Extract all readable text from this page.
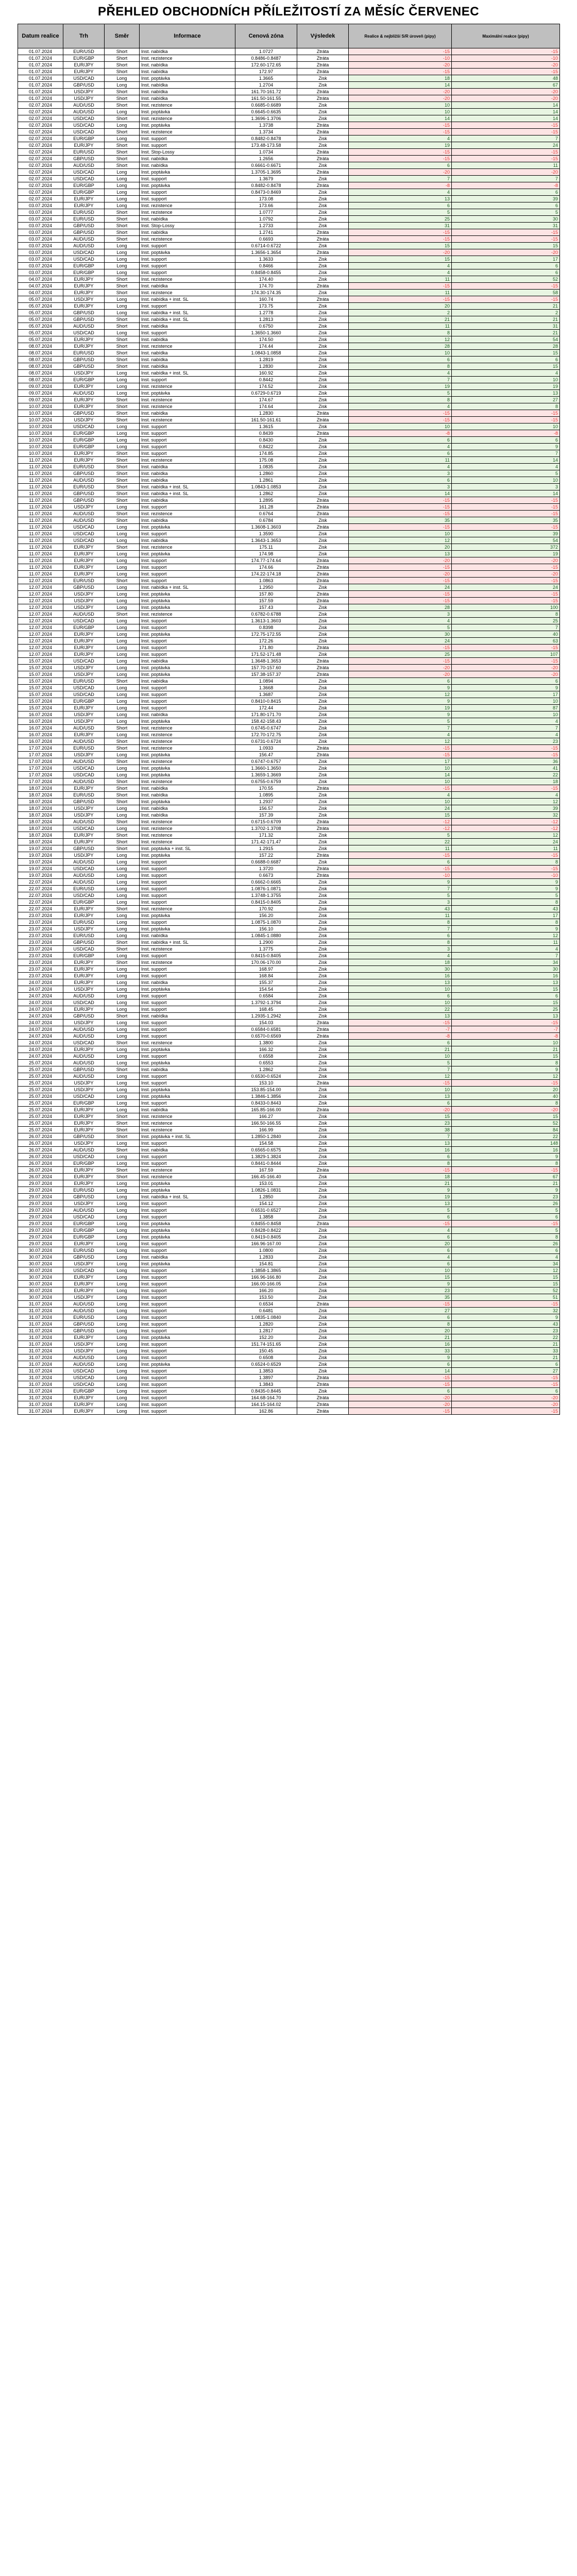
PŘEHLED OBCHODNÍCH PŘÍLEŽITOSTÍ ZA MĚSÍC ČERVENEC
Datum realice	Trh	Směr	Informace	Cenová zóna	Výsledek	Realice & nejbližší S/R úroveň (pipy)	Maximální reakce (pipy)
01.07.2024	EUR/USD	Short	Inst. nabídka	1.0727	Ztráta	-15	-15
01.07.2024	EUR/GBP	Short	Inst. rezistence	0.8486-0.8487	Ztráta	-10	-10
01.07.2024	EUR/JPY	Short	Inst. nabídka	172.60-172.65	Ztráta	-20	-20
01.07.2024	EUR/JPY	Short	Inst. nabídka	172.97	Ztráta	-15	-15
01.07.2024	USD/CAD	Long	Inst. poptávka	1.3665	Zisk	18	48
01.07.2024	GBP/USD	Long	Inst. nabídka	1.2704	Zisk	14	67
01.07.2024	USD/JPY	Short	Inst. nabídka	161.70-161.72	Ztráta	-20	-20
01.07.2024	USD/JPY	Short	Inst. nabídka	161.50-161.55	Ztráta	-20	-20
02.07.2024	AUD/USD	Short	Inst. rezistence	0.6685-0.6689	Zisk	10	14
02.07.2024	AUD/USD	Long	Inst. poptávka	0.6645-0.6635	Zisk	10	14
02.07.2024	USD/CAD	Short	Inst. rezistence	1.3696-1.3706	Zisk	14	14
02.07.2024	USD/CAD	Long	Inst. poptávka	1.3738	Ztráta	-15	-15
02.07.2024	USD/CAD	Short	Inst. rezistence	1.3734	Ztráta	-15	-15
02.07.2024	EUR/GBP	Long	Inst. support	0.8482-0.8478	Zisk	4	7
02.07.2024	EUR/JPY	Short	Inst. support	173.48-173.58	Zisk	19	24
02.07.2024	EUR/USD	Short	Inst. Stop-Lossy	1.0734	Ztráta	-15	-15
02.07.2024	GBP/USD	Short	Inst. nabídka	1.2656	Ztráta	-15	-15
02.07.2024	AUD/USD	Short	Inst. nabídka	0.6661-0.6671	Zisk	6	11
02.07.2024	USD/CAD	Long	Inst. poptávka	1.3705-1.3695	Ztráta	-20	-20
02.07.2024	USD/CAD	Long	Inst. support	1.3679	Zisk	7	7
02.07.2024	EUR/GBP	Long	Inst. poptávka	0.8482-0.8478	Ztráta	-8	-8
02.07.2024	EUR/GBP	Long	Inst. support	0.8473-0.8469	Zisk	4	6
02.07.2024	EUR/JPY	Long	Inst. support	173.08	Zisk	13	39
03.07.2024	EUR/JPY	Long	Inst. rezistence	173.66	Zisk	6	6
03.07.2024	EUR/USD	Short	Inst. rezistence	1.0777	Zisk	5	5
03.07.2024	EUR/USD	Short	Inst. nabídka	1.0792	Zisk	25	30
03.07.2024	GBP/USD	Short	Inst. Stop-Lossy	1.2733	Zisk	31	31
03.07.2024	GBP/USD	Short	Inst. nabídka	1.2741	Ztráta	-15	-15
03.07.2024	AUD/USD	Short	Inst. rezistence	0.6693	Ztráta	-15	-15
03.07.2024	AUD/USD	Long	Inst. support	0.6714-0.6722	Zisk	15	15
03.07.2024	USD/CAD	Long	Inst. poptávka	1.3656-1.3654	Ztráta	-20	-20
03.07.2024	USD/CAD	Long	Inst. support	1.3633	Zisk	15	17
03.07.2024	EUR/GBP	Long	Inst. support	0.8466	Zisk	4	6
03.07.2024	EUR/GBP	Long	Inst. support	0.8458-0.8455	Zisk	4	6
04.07.2024	EUR/JPY	Short	Inst. rezistence	174.40	Zisk	11	52
04.07.2024	EUR/JPY	Short	Inst. nabídka	174.70	Ztráta	-15	-15
04.07.2024	EUR/JPY	Short	Inst. rezistence	174.30-174.35	Zisk	11	58
05.07.2024	USD/JPY	Long	Inst. nabídka + inst. SL	160.74	Ztráta	-15	-15
05.07.2024	EUR/JPY	Long	Inst. support	173.75	Zisk	20	21
05.07.2024	GBP/USD	Long	Inst. nabídka + inst. SL	1.2778	Zisk	2	2
05.07.2024	GBP/USD	Short	Inst. nabídka + inst. SL	1.2813	Zisk	21	21
05.07.2024	AUD/USD	Short	Inst. nabídka	0.6750	Zisk	11	31
05.07.2024	USD/CAD	Long	Inst. support	1.3650-1.3660	Zisk	8	21
05.07.2024	EUR/JPY	Short	Inst. nabídka	174.50	Zisk	12	54
08.07.2024	EUR/JPY	Short	Inst. rezistence	174.44	Zisk	28	28
08.07.2024	EUR/USD	Short	Inst. nabídka	1.0843-1.0858	Zisk	10	15
08.07.2024	GBP/USD	Short	Inst. nabídka	1.2819	Zisk	6	6
08.07.2024	GBP/USD	Short	Inst. nabídka	1.2830	Zisk	8	15
08.07.2024	USD/JPY	Long	Inst. nabídka + inst. SL	160.92	Zisk	4	4
08.07.2024	EUR/GBP	Long	Inst. support	0.8442	Zisk	7	10
09.07.2024	EUR/JPY	Long	Inst. rezistence	174.52	Zisk	19	19
09.07.2024	AUD/USD	Long	Inst. poptávka	0.6729-0.6719	Zisk	5	13
09.07.2024	EUR/JPY	Short	Inst. rezistence	174.67	Zisk	8	27
10.07.2024	EUR/JPY	Short	Inst. rezistence	174.64	Zisk	4	8
10.07.2024	GBP/USD	Short	Inst. nabídka	1.2830	Ztráta	-15	-15
10.07.2024	USD/JPY	Short	Inst. rezistence	161.50-161.61	Ztráta	-15	-15
10.07.2024	USD/CAD	Long	Inst. support	1.3615	Zisk	10	10
10.07.2024	EUR/GBP	Long	Inst. support	0.8439	Ztráta	-8	-8
10.07.2024	EUR/GBP	Long	Inst. support	0.8430	Zisk	6	6
10.07.2024	EUR/GBP	Long	Inst. support	0.8422	Zisk	4	9
10.07.2024	EUR/JPY	Short	Inst. support	174.85	Zisk	6	7
11.07.2024	EUR/JPY	Short	Inst. rezistence	175.08	Zisk	11	14
11.07.2024	EUR/USD	Short	Inst. nabídka	1.0835	Zisk	4	4
11.07.2024	GBP/USD	Short	Inst. nabídka	1.2860	Zisk	3	5
11.07.2024	AUD/USD	Short	Inst. nabídka	1.2861	Zisk	6	10
11.07.2024	EUR/USD	Short	Inst. nabídka + inst. SL	1.0843-1.0853	Zisk	3	3
11.07.2024	GBP/USD	Short	Inst. nabídka + inst. SL	1.2862	Zisk	14	14
11.07.2024	GBP/USD	Short	Inst. nabídka	1.2895	Ztráta	-15	-15
11.07.2024	USD/JPY	Long	Inst. support	161.28	Ztráta	-15	-15
11.07.2024	AUD/USD	Short	Inst. rezistence	0.6764	Ztráta	-15	-15
11.07.2024	AUD/USD	Short	Inst. nabídka	0.6784	Zisk	35	35
11.07.2024	USD/CAD	Long	Inst. poptávka	1.3608-1.3603	Ztráta	-15	-15
11.07.2024	USD/CAD	Long	Inst. support	1.3590	Zisk	10	39
11.07.2024	USD/CAD	Long	Inst. nabídka	1.3643-1.3653	Zisk	12	54
11.07.2024	EUR/JPY	Short	Inst. rezistence	175.11	Zisk	20	372
11.07.2024	EUR/JPY	Long	Inst. poptávka	174.98	Zisk	13	19
11.07.2024	EUR/JPY	Long	Inst. support	174.77-174.64	Ztráta	-20	-20
11.07.2024	EUR/JPY	Long	Inst. support	174.66	Ztráta	-15	-15
11.07.2024	EUR/JPY	Long	Inst. support	174.22-174.18	Ztráta	-20	-20
12.07.2024	EUR/USD	Short	Inst. support	1.0863	Ztráta	-15	-15
12.07.2024	GBP/USD	Long	Inst. nabídka + inst. SL	1.2950	Zisk	24	24
12.07.2024	USD/JPY	Long	Inst. poptávka	157.80	Ztráta	-15	-15
12.07.2024	USD/JPY	Long	Inst. poptávka	157.59	Ztráta	-15	-15
12.07.2024	USD/JPY	Long	Inst. poptávka	157.43	Zisk	28	100
12.07.2024	AUD/USD	Short	Inst. rezistence	0.6782-0.6788	Zisk	3	8
12.07.2024	USD/CAD	Long	Inst. support	1.3613-1.3603	Zisk	4	25
12.07.2024	EUR/GBP	Long	Inst. support	0.8398	Zisk	5	7
12.07.2024	EUR/JPY	Long	Inst. poptávka	172.75-172.55	Zisk	30	40
12.07.2024	EUR/JPY	Long	Inst. support	172.26	Zisk	24	63
12.07.2024	EUR/JPY	Long	Inst. support	171.80	Ztráta	-15	-15
12.07.2024	EUR/JPY	Long	Inst. support	171.52-171.48	Zisk	25	107
15.07.2024	USD/CAD	Long	Inst. nabídka	1.3648-1.3653	Ztráta	-15	-15
15.07.2024	USD/JPY	Long	Inst. poptávka	157.70-157.60	Ztráta	-20	-20
15.07.2024	USD/JPY	Long	Inst. poptávka	157.38-157.37	Ztráta	-20	-20
15.07.2024	EUR/USD	Short	Inst. nabídka	1.0894	Zisk	6	6
15.07.2024	USD/CAD	Long	Inst. support	1.3668	Zisk	9	9
15.07.2024	USD/CAD	Long	Inst. support	1.3687	Zisk	12	17
15.07.2024	EUR/GBP	Long	Inst. support	0.8410-0.8415	Zisk	9	10
15.07.2024	EUR/JPY	Long	Inst. support	172.44	Zisk	19	87
16.07.2024	USD/JPY	Long	Inst. nabídka	171.80-171.70	Zisk	9	10
16.07.2024	USD/JPY	Long	Inst. poptávka	158.42-158.43	Zisk	5	4
16.07.2024	AUD/USD	Short	Inst. rezistence	0.6745-0.6747	Zisk	7	7
16.07.2024	EUR/JPY	Long	Inst. rezistence	172.70-172.75	Zisk	4	4
16.07.2024	AUD/USD	Short	Inst. rezistence	0.6731-0.6724	Zisk	12	23
17.07.2024	EUR/USD	Short	Inst. rezistence	1.0933	Ztráta	-15	-15
17.07.2024	USD/JPY	Long	Inst. poptávka	156.47	Ztráta	-15	-15
17.07.2024	AUD/USD	Short	Inst. rezistence	0.6747-0.6757	Zisk	17	36
17.07.2024	USD/CAD	Long	Inst. poptávka	1.3660-1.3650	Zisk	10	41
17.07.2024	USD/CAD	Long	Inst. poptávka	1.3659-1.3669	Zisk	14	22
17.07.2024	AUD/USD	Short	Inst. rezistence	0.6755-0.6759	Zisk	10	18
18.07.2024	EUR/JPY	Short	Inst. nabídka	170.55	Ztráta	-15	-15
18.07.2024	EUR/USD	Short	Inst. nabídka	1.0895	Zisk	4	4
18.07.2024	GBP/USD	Short	Inst. poptávka	1.2937	Zisk	10	12
18.07.2024	USD/JPY	Long	Inst. nabídka	156.57	Zisk	24	39
18.07.2024	USD/JPY	Long	Inst. nabídka	157.39	Zisk	15	32
18.07.2024	AUD/USD	Short	Inst. rezistence	0.6715-0.6709	Ztráta	-12	-12
18.07.2024	USD/CAD	Long	Inst. rezistence	1.3702-1.3708	Ztráta	-12	-12
18.07.2024	EUR/JPY	Short	Inst. rezistence	171.32	Zisk	5	12
18.07.2024	EUR/JPY	Short	Inst. rezistence	171.42-171.47	Zisk	22	24
19.07.2024	GBP/USD	Short	Inst. poptávka + inst. SL	1.2915	Zisk	11	11
19.07.2024	USD/JPY	Long	Inst. poptávka	157.22	Ztráta	-15	-15
19.07.2024	AUD/USD	Long	Inst. support	0.6688-0.6687	Zisk	6	8
19.07.2024	USD/CAD	Long	Inst. support	1.3720	Ztráta	-15	-15
19.07.2024	AUD/USD	Long	Inst. support	0.6673	Ztráta	-10	-10
22.07.2024	AUD/USD	Long	Inst. support	0.6662-0.6665	Zisk	9	9
22.07.2024	EUR/USD	Long	Inst. support	1.0876-1.0871	Zisk	7	9
22.07.2024	USD/CAD	Long	Inst. support	1.3748-1.3755	Zisk	5	5
22.07.2024	EUR/GBP	Long	Inst. support	0.8415-0.8405	Zisk	3	8
22.07.2024	EUR/JPY	Short	Inst. rezistence	170.92	Zisk	43	43
23.07.2024	EUR/JPY	Long	Inst. poptávka	156.20	Zisk	11	17
23.07.2024	EUR/USD	Long	Inst. support	1.0875-1.0870	Zisk	8	8
23.07.2024	USD/JPY	Long	Inst. poptávka	156.10	Zisk	7	9
23.07.2024	EUR/USD	Long	Inst. nabídka	1.0845-1.0880	Zisk	6	12
23.07.2024	GBP/USD	Short	Inst. nabídka + inst. SL	1.2900	Zisk	8	11
23.07.2024	USD/CAD	Short	Inst. rezistence	1.3775	Zisk	3	4
23.07.2024	EUR/GBP	Long	Inst. support	0.8415-0.8405	Zisk	4	7
23.07.2024	EUR/JPY	Short	Inst. rezistence	170.06-170.00	Zisk	18	34
23.07.2024	EUR/JPY	Long	Inst. support	168.97	Zisk	30	30
23.07.2024	EUR/JPY	Long	Inst. support	168.84	Zisk	16	16
24.07.2024	EUR/JPY	Long	Inst. nabídka	155.37	Zisk	13	13
24.07.2024	USD/JPY	Long	Inst. poptávka	154.54	Zisk	10	15
24.07.2024	AUD/USD	Long	Inst. support	0.6584	Zisk	6	6
24.07.2024	USD/CAD	Long	Inst. support	1.3792-1.3794	Zisk	10	15
24.07.2024	EUR/JPY	Long	Inst. support	168.45	Zisk	22	25
24.07.2024	GBP/USD	Short	Inst. nabídka	1.2935-1.2942	Zisk	13	13
24.07.2024	USD/JPY	Long	Inst. support	154.03	Ztráta	-15	-15
24.07.2024	AUD/USD	Long	Inst. support	0.6584-0.6581	Ztráta	-7	-7
24.07.2024	AUD/USD	Long	Inst. support	0.6570-0.6569	Ztráta	-8	-8
24.07.2024	USD/CAD	Short	Inst. rezistence	1.3800	Zisk	6	10
24.07.2024	EUR/JPY	Long	Inst. poptávka	166.32	Zisk	21	21
24.07.2024	AUD/USD	Long	Inst. support	0.6558	Zisk	10	15
25.07.2024	AUD/USD	Long	Inst. poptávka	0.6553	Zisk	5	8
25.07.2024	GBP/USD	Short	Inst. nabídka	1.2862	Zisk	7	9
25.07.2024	AUD/USD	Long	Inst. support	0.6530-0.6524	Zisk	12	12
25.07.2024	USD/JPY	Long	Inst. support	153.10	Ztráta	-15	-15
25.07.2024	USD/JPY	Long	Inst. poptávka	153.85-154.00	Zisk	10	20
25.07.2024	USD/CAD	Long	Inst. poptávka	1.3846-1.3856	Zisk	13	40
25.07.2024	EUR/GBP	Long	Inst. support	0.8433-0.8443	Zisk	6	8
25.07.2024	EUR/JPY	Long	Inst. nabídka	165.85-166.00	Ztráta	-20	-20
25.07.2024	EUR/JPY	Short	Inst. rezistence	166.27	Zisk	15	15
25.07.2024	EUR/JPY	Short	Inst. rezistence	166.50-166.55	Zisk	23	52
25.07.2024	EUR/JPY	Short	Inst. rezistence	166.99	Zisk	38	84
26.07.2024	GBP/USD	Short	Inst. poptávka + inst. SL	1.2850-1.2840	Zisk	7	22
26.07.2024	USD/JPY	Long	Inst. support	154.58	Zisk	13	148
26.07.2024	AUD/USD	Short	Inst. nabídka	0.6565-0.6575	Zisk	16	16
26.07.2024	USD/CAD	Long	Inst. support	1.3829-1.3824	Zisk	6	9
26.07.2024	EUR/GBP	Long	Inst. support	0.8441-0.8444	Zisk	8	8
26.07.2024	EUR/JPY	Short	Inst. rezistence	167.59	Ztráta	-15	-15
26.07.2024	EUR/JPY	Short	Inst. rezistence	166.45-166.40	Zisk	18	67
29.07.2024	EUR/JPY	Long	Inst. poptávka	153.01	Zisk	21	21
29.07.2024	EUR/USD	Long	Inst. poptávka	1.0826-1.0831	Zisk	9	9
29.07.2024	GBP/USD	Long	Inst. nabídka + inst. SL	1.2850	Zisk	19	23
29.07.2024	USD/JPY	Long	Inst. support	154.12	Zisk	13	26
29.07.2024	AUD/USD	Long	Inst. support	0.6531-0.6527	Zisk	5	5
29.07.2024	USD/CAD	Long	Inst. support	1.3858	Zisk	6	6
29.07.2024	EUR/GBP	Long	Inst. poptávka	0.8455-0.8458	Ztráta	-15	-15
29.07.2024	EUR/GBP	Long	Inst. poptávka	0.8428-0.8422	Zisk	4	5
29.07.2024	EUR/GBP	Long	Inst. poptávka	0.8419-0.8405	Zisk	6	8
29.07.2024	EUR/JPY	Long	Inst. support	166.96-167.00	Zisk	20	26
30.07.2024	EUR/USD	Long	Inst. support	1.0800	Zisk	6	6
30.07.2024	GBP/USD	Long	Inst. nabídka	1.2833	Zisk	4	4
30.07.2024	USD/JPY	Long	Inst. poptávka	154.81	Zisk	6	34
30.07.2024	USD/CAD	Long	Inst. support	1.3858-1.3865	Zisk	10	12
30.07.2024	EUR/JPY	Long	Inst. support	166.96-166.80	Zisk	15	15
30.07.2024	EUR/JPY	Long	Inst. support	166.00-166.05	Zisk	9	15
30.07.2024	EUR/JPY	Long	Inst. support	166.20	Zisk	23	52
30.07.2024	USD/JPY	Long	Inst. support	153.50	Zisk	35	51
31.07.2024	AUD/USD	Long	Inst. support	0.6534	Ztráta	-15	-15
31.07.2024	AUD/USD	Long	Inst. support	0.6481	Zisk	27	32
31.07.2024	EUR/USD	Long	Inst. support	1.0835-1.0840	Zisk	6	9
31.07.2024	GBP/USD	Long	Inst. support	1.2820	Zisk	8	43
31.07.2024	GBP/USD	Long	Inst. support	1.2817	Zisk	20	23
31.07.2024	EUR/JPY	Long	Inst. poptávka	152.20	Zisk	21	22
31.07.2024	USD/JPY	Long	Inst. support	151.74-151.65	Zisk	16	21
31.07.2024	USD/JPY	Long	Inst. support	150.45	Zisk	33	33
31.07.2024	AUD/USD	Long	Inst. support	0.6508	Zisk	9	21
31.07.2024	AUD/USD	Long	Inst. poptávka	0.6524-0.6529	Zisk	6	6
31.07.2024	USD/CAD	Long	Inst. support	1.3853	Zisk	14	27
31.07.2024	USD/CAD	Long	Inst. support	1.3897	Ztráta	-15	-15
31.07.2024	USD/CAD	Long	Inst. support	1.3843	Ztráta	-15	-15
31.07.2024	EUR/GBP	Long	Inst. support	0.8435-0.8445	Zisk	6	6
31.07.2024	EUR/JPY	Long	Inst. support	164.68-164.70	Ztráta	-20	-20
31.07.2024	EUR/JPY	Long	Inst. support	164.15-164.02	Ztráta	-20	-20
31.07.2024	EUR/JPY	Long	Inst. support	162.86	Ztráta	-15	-15
